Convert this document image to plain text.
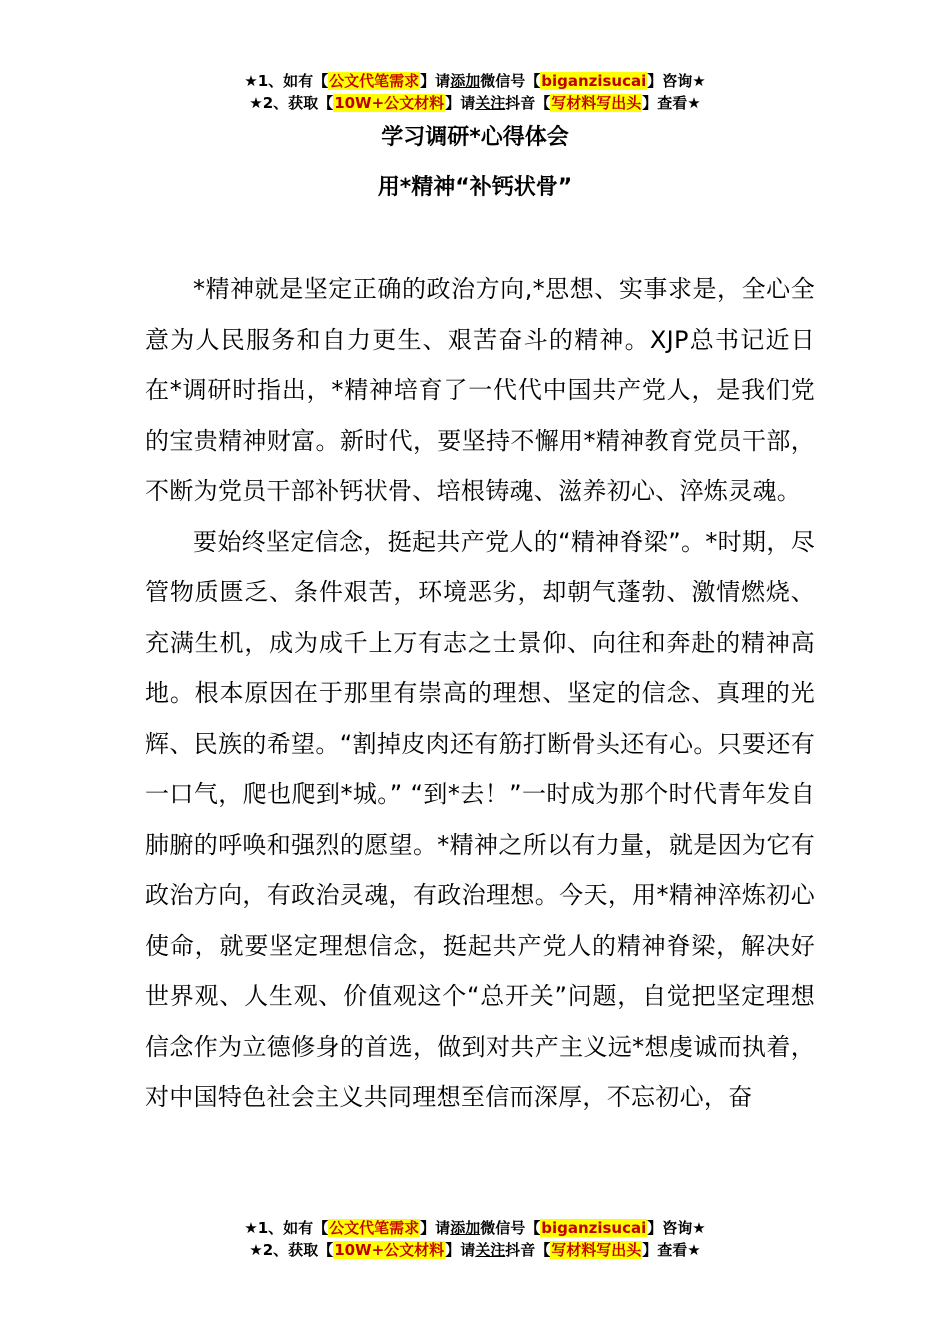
★1、如有【公文代笔需求】请添加微信号【biganzisucai】咨询★
★2、获取【10W+公文材料】请关注抖音【写材料写出头】查看★
学习调研*心得体会
用*精神“补钙状骨”

*精神就是坚定正确的政治方向,*思想、实事求是，全心全意为人民服务和自力更生、艰苦奋斗的精神。XJP总书记近日在*调研时指出，*精神培育了一代代中国共产党人，是我们党的宝贵精神财富。新时代，要坚持不懈用*精神教育党员干部，不断为党员干部补钙状骨、培根铸魂、滋养初心、淬炼灵魂。

要始终坚定信念，挺起共产党人的“精神脊梁”。*时期，尽管物质匮乏、条件艰苦，环境恶劣，却朝气蓬勃、激情燃烧、充满生机，成为成千上万有志之士景仰、向往和奔赴的精神高地。根本原因在于那里有崇高的理想、坚定的信念、真理的光辉、民族的希望。“割掉皮肉还有筋打断骨头还有心。只要还有一口气，爬也爬到*城。” “到*去！”一时成为那个时代青年发自肺腑的呼唤和强烈的愿望。*精神之所以有力量，就是因为它有政治方向，有政治灵魂，有政治理想。今天，用*精神淬炼初心使命，就要坚定理想信念，挺起共产党人的精神脊梁，解决好世界观、人生观、价值观这个“总开关”问题，自觉把坚定理想信念作为立德修身的首选，做到对共产主义远*想虔诚而执着，对中国特色社会主义共同理想至信而深厚，不忘初心，奋

★1、如有【公文代笔需求】请添加微信号【biganzisucai】咨询★
★2、获取【10W+公文材料】请关注抖音【写材料写出头】查看★
